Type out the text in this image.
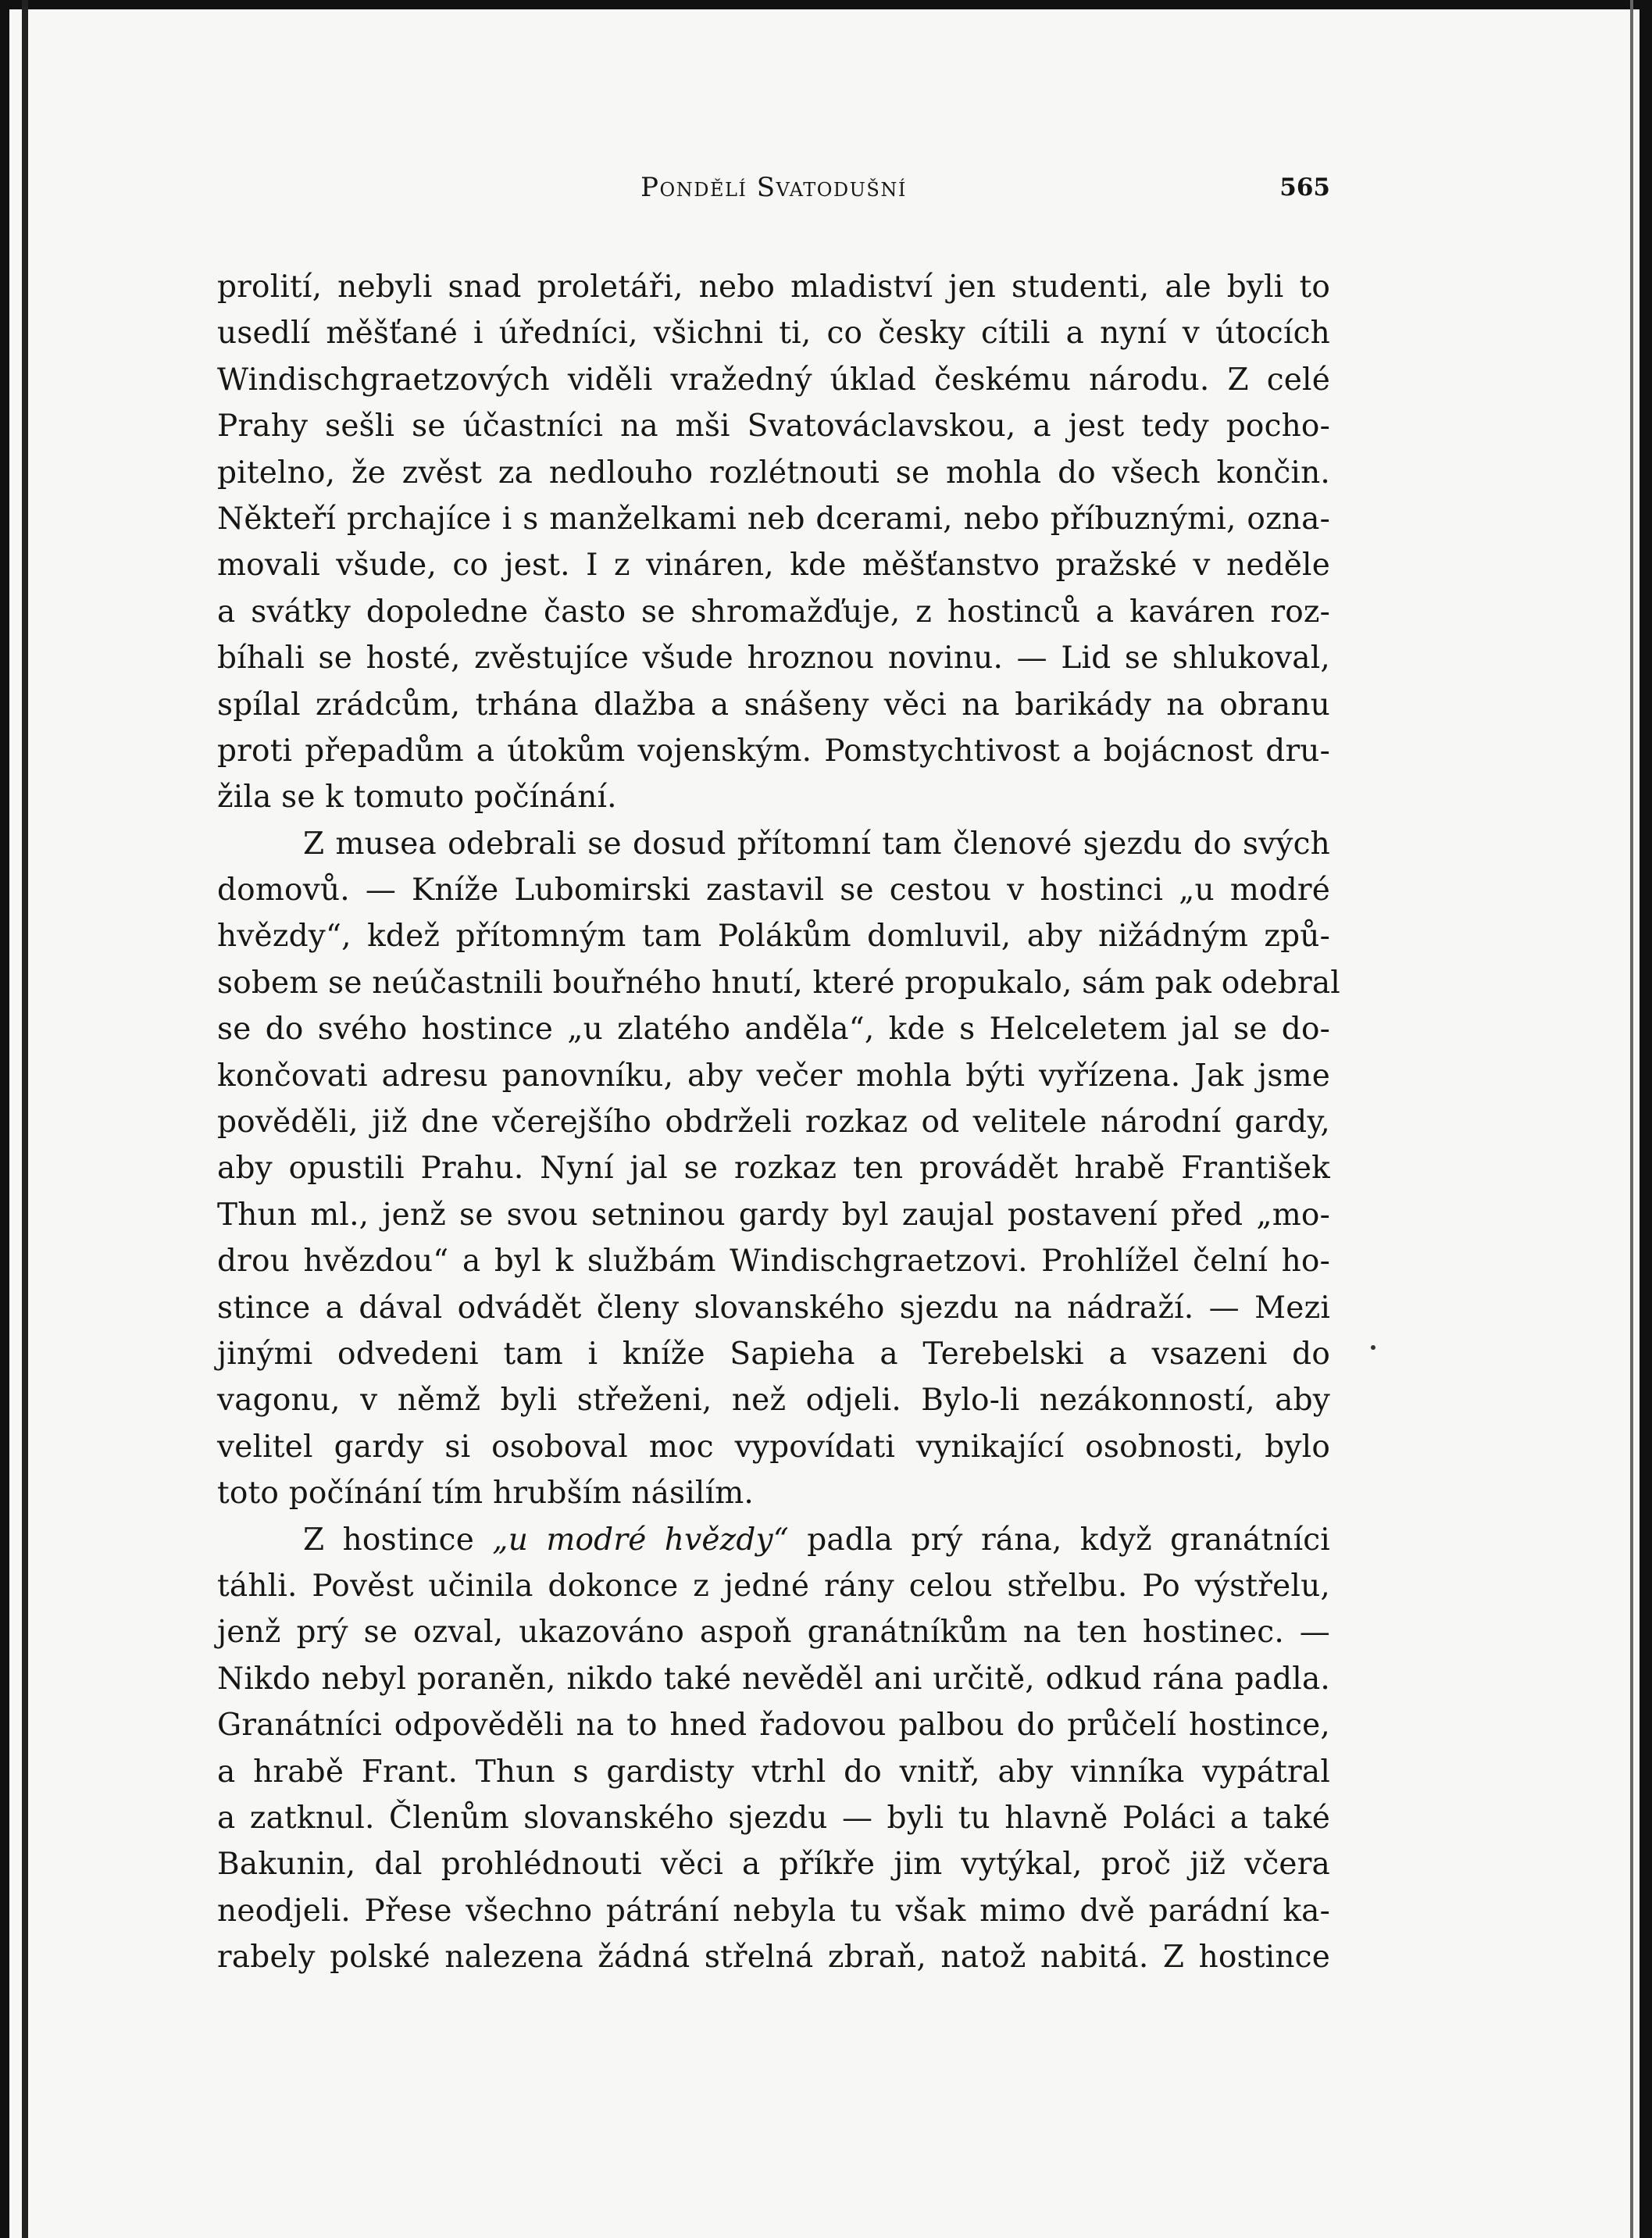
Pondělí Svatodušní	565
prolití, nebyli snad proletáři, nebo mladiství jen studenti, ale byli to
usedlí měšťané i úředníci, všichni ti, co česky cítili a nyní v útocích
Windischgraetzových viděli vražedný úklad českému národu. Z celé
Prahy sešli se účastníci na mši Svatováclavskou, a jest tedy pocho-
pitelno, že zvěst za nedlouho rozlétnouti se mohla do všech končin.
Někteří prchajíce i s manželkami neb dcerami, nebo příbuznými, ozna-
movali všude, co jest. I z vináren, kde měšťanstvo pražské v neděle
a svátky dopoledne často se shromažďuje, z hostinců a kaváren roz-
bíhali se hosté, zvěstujíce všude hroznou novinu. — Lid se shlukoval,
spílal zrádcům, trhána dlažba a snášeny věci na barikády na obranu
proti přepadům a útokům vojenským. Pomstychtivost a bojácnost dru-
žila se k tomuto počínání.
Z musea odebrali se dosud přítomní tam členové sjezdu do svých
domovů. — Kníže Lubomirski zastavil se cestou v hostinci „u modré
hvězdy“, kdež přítomným tam Polákům domluvil, aby nižádným způ-
sobem se neúčastnili bouřného hnutí, které propukalo, sám pak odebral
se do svého hostince „u zlatého anděla“, kde s Helceletem jal se do-
končovati adresu panovníku, aby večer mohla býti vyřízena. Jak jsme
pověděli, již dne včerejšího obdrželi rozkaz od velitele národní gardy,
aby opustili Prahu. Nyní jal se rozkaz ten provádět hrabě František
Thun ml., jenž se svou setninou gardy byl zaujal postavení před „mo-
drou hvězdou“ a byl k službám Windischgraetzovi. Prohlížel čelní ho-
stince a dával odvádět členy slovanského sjezdu na nádraží. — Mezi
jinými odvedeni tam i kníže Sapieha a Terebelski a vsazeni do
vagonu, v němž byli střeženi, než odjeli. Bylo-li nezákonností, aby
velitel gardy si osoboval moc vypovídati vynikající osobnosti, bylo
toto počínání tím hrubším násilím.
Z hostince „u modré hvězdy“ padla prý rána, když granátníci
táhli. Pověst učinila dokonce z jedné rány celou střelbu. Po výstřelu,
jenž prý se ozval, ukazováno aspoň granátníkům na ten hostinec. —
Nikdo nebyl poraněn, nikdo také nevěděl ani určitě, odkud rána padla.
Granátníci odpověděli na to hned řadovou palbou do průčelí hostince,
a hrabě Frant. Thun s gardisty vtrhl do vnitř, aby vinníka vypátral
a zatknul. Členům slovanského sjezdu — byli tu hlavně Poláci a také
Bakunin, dal prohlédnouti věci a příkře jim vytýkal, proč již včera
neodjeli. Přese všechno pátrání nebyla tu však mimo dvě parádní ka-
rabely polské nalezena žádná střelná zbraň, natož nabitá. Z hostince
